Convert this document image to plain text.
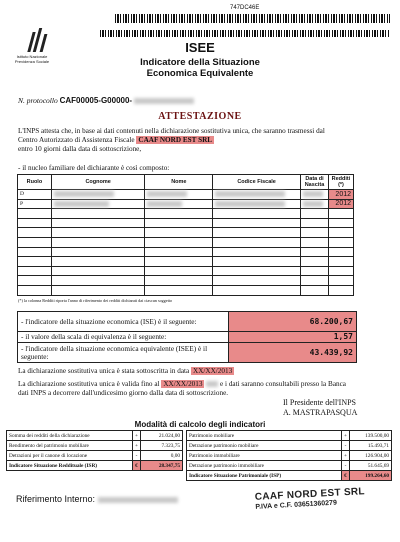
747DC46E
Istituto Nazionale
Previdenza Sociale
ISEE
Indicatore della Situazione
Economica Equivalente
N. protocollo CAF00005-G00000-
ATTESTAZIONE
L'INPS attesta che, in base ai dati contenuti nella dichiarazione sostitutiva unica, che saranno trasmessi dal
Centro Autorizzato di Assistenza Fiscale CAAF NORD EST SRL
entro 10 giorni dalla data di sottoscrizione,
- il nucleo familiare del dichiarante è così composto:
Ruolo	Cognome	Nome	Codice Fiscale	Data di Nascita	Redditi (*)
D					2012
P					2012

(*) la colonna Redditi riporta l'anno di riferimento dei redditi dichiarati dai ciascun soggetto
- l'indicatore della situazione economica (ISE) è il seguente:	68.200,67
- il valore della scala di equivalenza è il seguente:	1,57
- l'indicatore della situazione economica equivalente (ISEE) è il seguente:	43.439,92
La dichiarazione sostitutiva unica è stata sottoscritta in data XX/XX/2013
La dichiarazione sostitutiva unica è valida fino al XX/XX/2013 e i dati saranno consultabili presso la Banca
dati INPS a decorrere dall'undicesimo giorno dalla data di sottoscrizione.
Il Presidente dell'INPS
A. MASTRAPASQUA
Modalità di calcolo degli indicatori
Somma dei redditi della dichiarazione	+	21.024,00
Rendimento del patrimonio mobiliare	+	7.323,75
Detrazioni per il canone di locazione	-	0,00
Indicatore Situazione Reddituale (ISR)	€	28.347,75
Patrimonio mobiliare	+	139.500,00
Detrazione patrimonio mobiliare	-	15.493,71
Patrimonio immobiliare	+	126.904,00
Detrazione patrimonio immobiliare	-	51.645,69
Indicatore Situazione Patrimoniale (ISP)	€	199.264,60
Riferimento Interno:	CAAF NORD EST SRL
P.IVA e C.F. 03651360279
